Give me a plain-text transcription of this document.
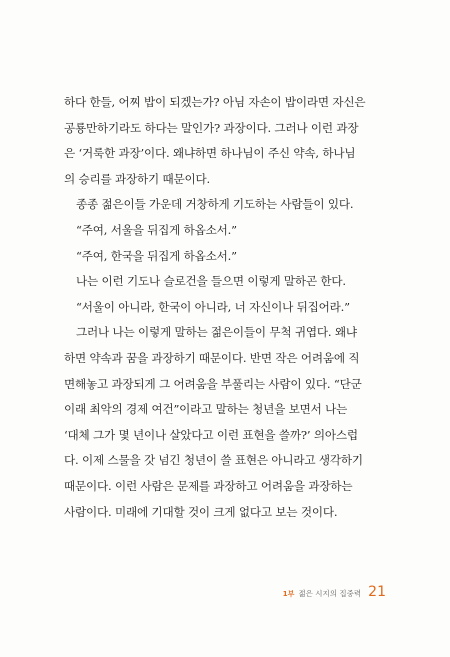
하다 한들, 어찌 밥이 되겠는가? 아님 자손이 밥이라면 자신은
공룡만하기라도 하다는 말인가? 과장이다. 그러나 이런 과장
은 ‘거룩한 과장’이다. 왜냐하면 하나님이 주신 약속, 하나님
의 승리를 과장하기 때문이다.
종종 젊은이들 가운데 거창하게 기도하는 사람들이 있다.
“주여, 서울을 뒤집게 하옵소서.”
“주여, 한국을 뒤집게 하옵소서.”
나는 이런 기도나 슬로건을 들으면 이렇게 말하곤 한다.
“서울이 아니라, 한국이 아니라, 너 자신이나 뒤집어라.”
그러나 나는 이렇게 말하는 젊은이들이 무척 귀엽다. 왜냐
하면 약속과 꿈을 과장하기 때문이다. 반면 작은 어려움에 직
면해놓고 과장되게 그 어려움을 부풀리는 사람이 있다. “단군
이래 최악의 경제 여건”이라고 말하는 청년을 보면서 나는
‘대체 그가 몇 년이나 살았다고 이런 표현을 쓸까?’ 의아스럽
다. 이제 스물을 갓 넘긴 청년이 쓸 표현은 아니라고 생각하기
때문이다. 이런 사람은 문제를 과장하고 어려움을 과장하는
사람이다. 미래에 기대할 것이 크게 없다고 보는 것이다.
1부 젊은 시지의 집중력 21
